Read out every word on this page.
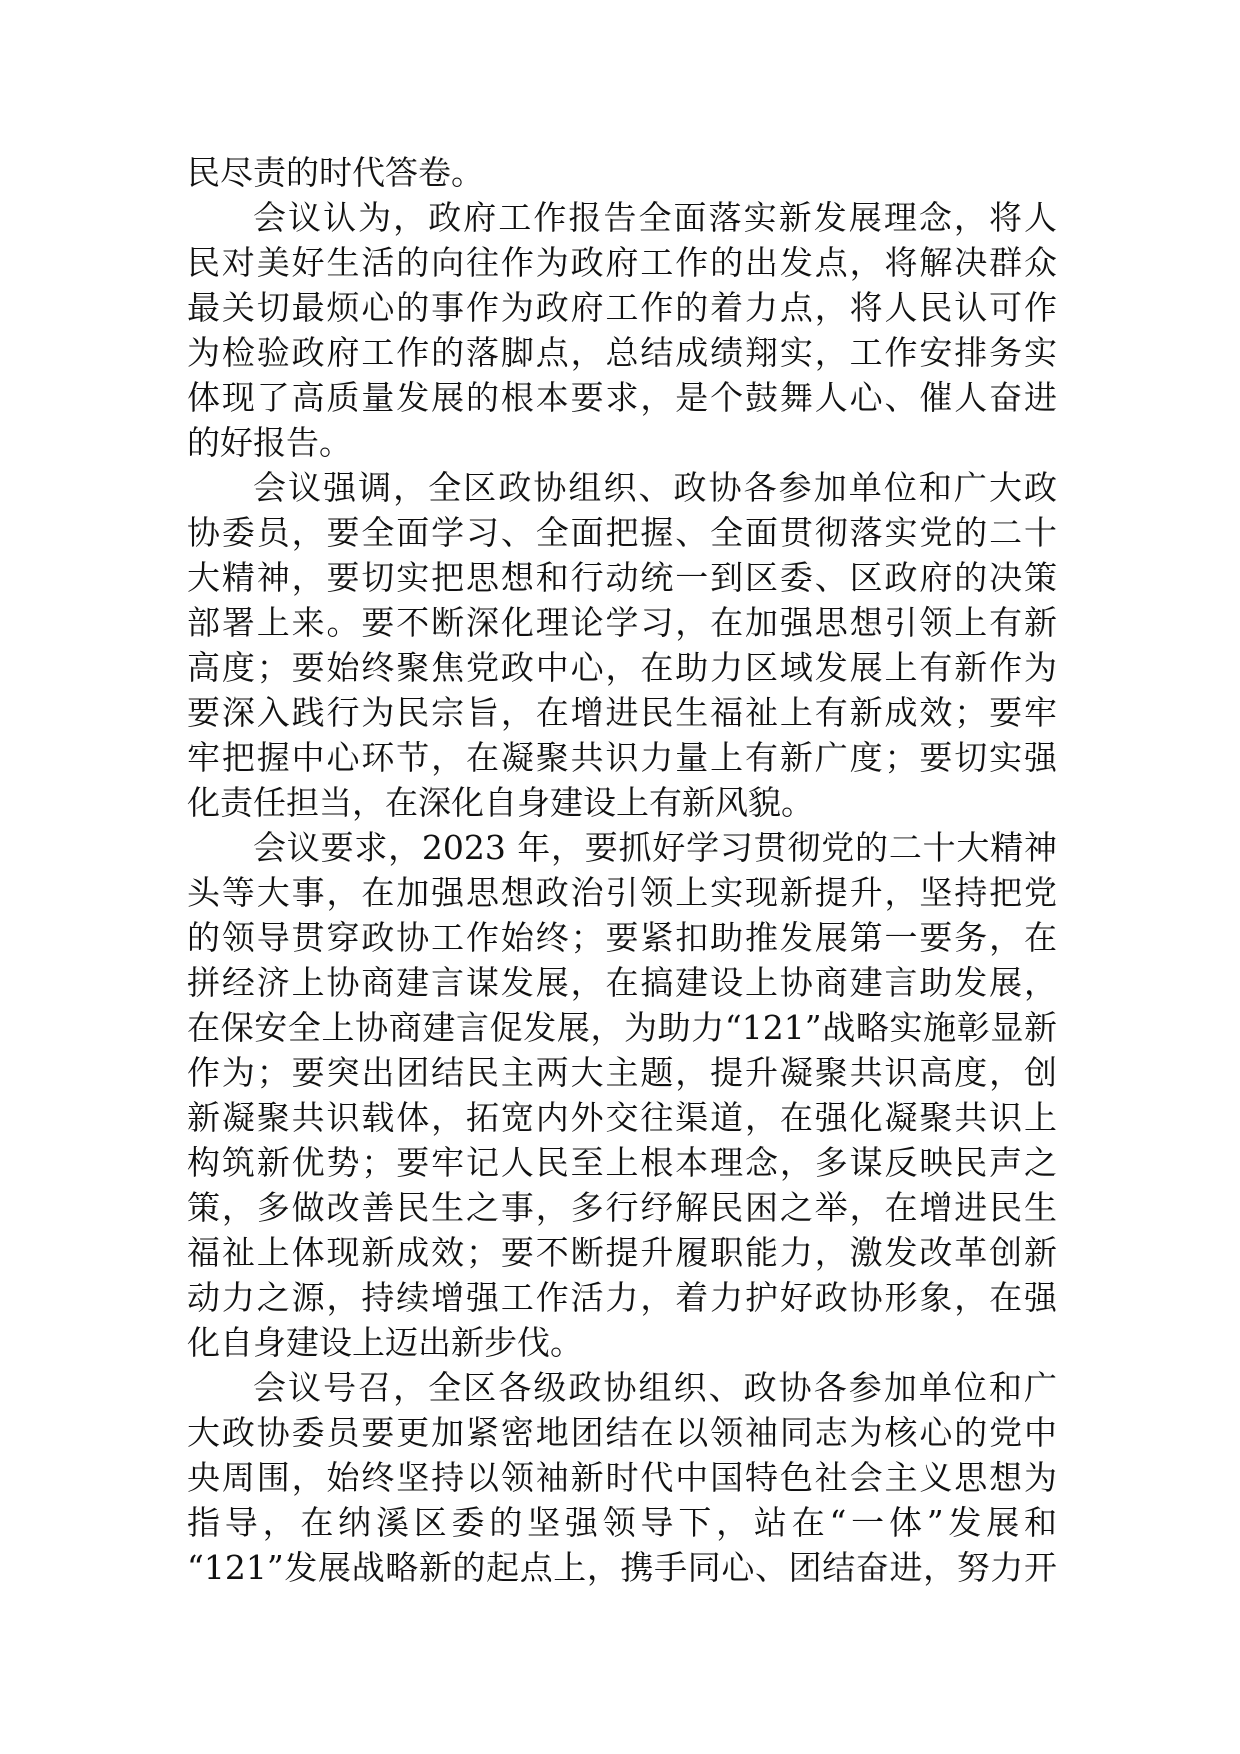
民尽责的时代答卷。
会议认为，政府工作报告全面落实新发展理念，将人
民对美好生活的向往作为政府工作的出发点，将解决群众
最关切最烦心的事作为政府工作的着力点，将人民认可作
为检验政府工作的落脚点，总结成绩翔实，工作安排务实
体现了高质量发展的根本要求，是个鼓舞人心、催人奋进
的好报告。
会议强调，全区政协组织、政协各参加单位和广大政
协委员，要全面学习、全面把握、全面贯彻落实党的二十
大精神，要切实把思想和行动统一到区委、区政府的决策
部署上来。要不断深化理论学习，在加强思想引领上有新
高度；要始终聚焦党政中心，在助力区域发展上有新作为
要深入践行为民宗旨，在增进民生福祉上有新成效；要牢
牢把握中心环节，在凝聚共识力量上有新广度；要切实强
化责任担当，在深化自身建设上有新风貌。
会议要求，2023 年，要抓好学习贯彻党的二十大精神
头等大事，在加强思想政治引领上实现新提升，坚持把党
的领导贯穿政协工作始终；要紧扣助推发展第一要务，在
拼经济上协商建言谋发展，在搞建设上协商建言助发展，
在保安全上协商建言促发展，为助力“121”战略实施彰显新
作为；要突出团结民主两大主题，提升凝聚共识高度，创
新凝聚共识载体，拓宽内外交往渠道，在强化凝聚共识上
构筑新优势；要牢记人民至上根本理念，多谋反映民声之
策，多做改善民生之事，多行纾解民困之举，在增进民生
福祉上体现新成效；要不断提升履职能力，激发改革创新
动力之源，持续增强工作活力，着力护好政协形象，在强
化自身建设上迈出新步伐。
会议号召，全区各级政协组织、政协各参加单位和广
大政协委员要更加紧密地团结在以领袖同志为核心的党中
央周围，始终坚持以领袖新时代中国特色社会主义思想为
指导，在纳溪区委的坚强领导下，站在“一体”发展和
“121”发展战略新的起点上，携手同心、团结奋进，努力开
